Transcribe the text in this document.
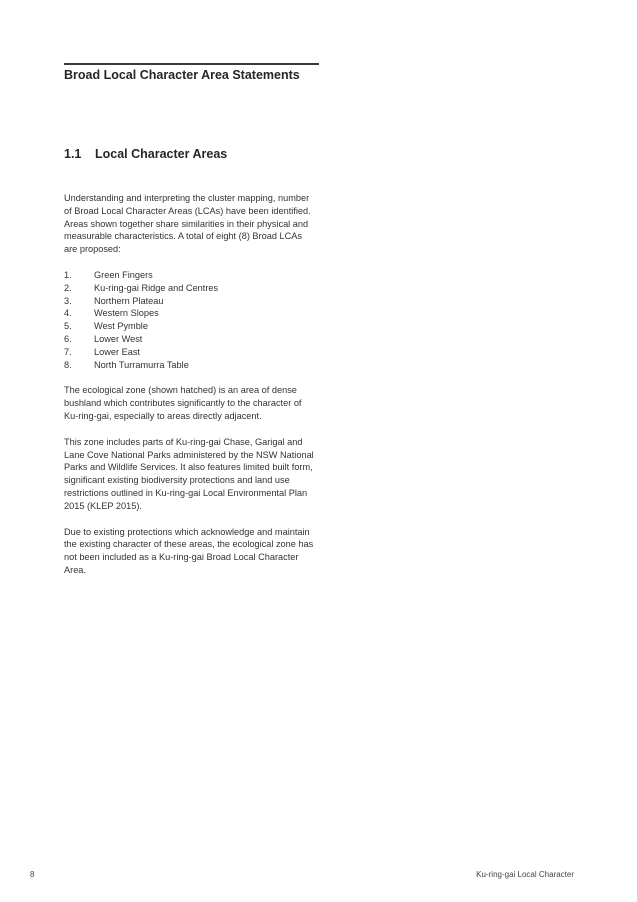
Broad Local Character Area Statements
1.1 Local Character Areas

Understanding and interpreting the cluster mapping, number of Broad Local Character Areas (LCAs) have been identified. Areas shown together share similarities in their physical and measurable characteristics. A total of eight (8) Broad LCAs are proposed:

1. Green Fingers
2. Ku-ring-gai Ridge and Centres
3. Northern Plateau
4. Western Slopes
5. West Pymble
6. Lower West
7. Lower East
8. North Turramurra Table

The ecological zone (shown hatched) is an area of dense bushland which contributes significantly to the character of Ku-ring-gai, especially to areas directly adjacent.

This zone includes parts of Ku-ring-gai Chase, Garigal and Lane Cove National Parks administered by the NSW National Parks and Wildlife Services. It also features limited built form, significant existing biodiversity protections and land use restrictions outlined in Ku-ring-gai Local Environmental Plan 2015 (KLEP 2015).

Due to existing protections which acknowledge and maintain the existing character of these areas, the ecological zone has not been included as a Ku-ring-gai Broad Local Character Area.

8	Ku-ring-gai Local Character
